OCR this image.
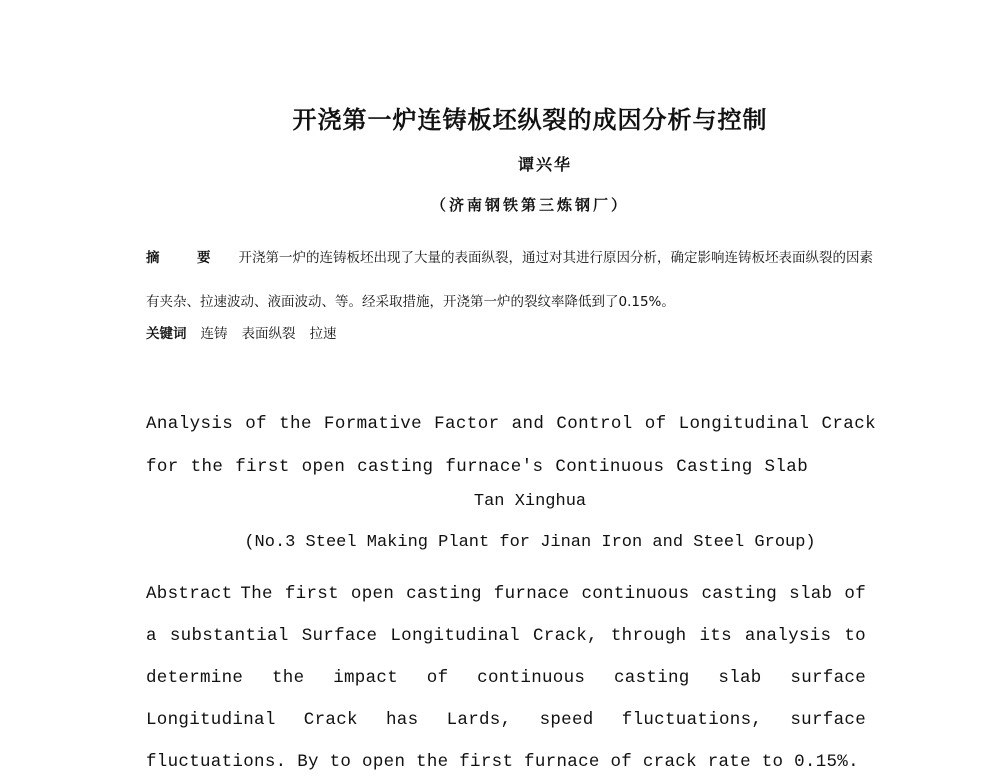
开浇第一炉连铸板坯纵裂的成因分析与控制
谭兴华
（济南钢铁第三炼钢厂）
摘　要 开浇第一炉的连铸板坯出现了大量的表面纵裂，通过对其进行原因分析，确定影响连铸板坯表面纵裂的因素有夹杂、拉速波动、液面波动、等。经采取措施，开浇第一炉的裂纹率降低到了0.15%。
关键词 连铸 表面纵裂 拉速
Analysis of the Formative Factor and Control of Longitudinal Crack for the first open casting furnace's Continuous Casting Slab
Tan Xinghua
(No.3 Steel Making Plant for Jinan Iron and Steel Group)
Abstract The first open casting furnace continuous casting slab of a substantial Surface Longitudinal Crack, through its analysis to determine the impact of continuous casting slab surface Longitudinal Crack has Lards, speed fluctuations, surface fluctuations. By to open the first furnace of crack rate to 0.15%.
